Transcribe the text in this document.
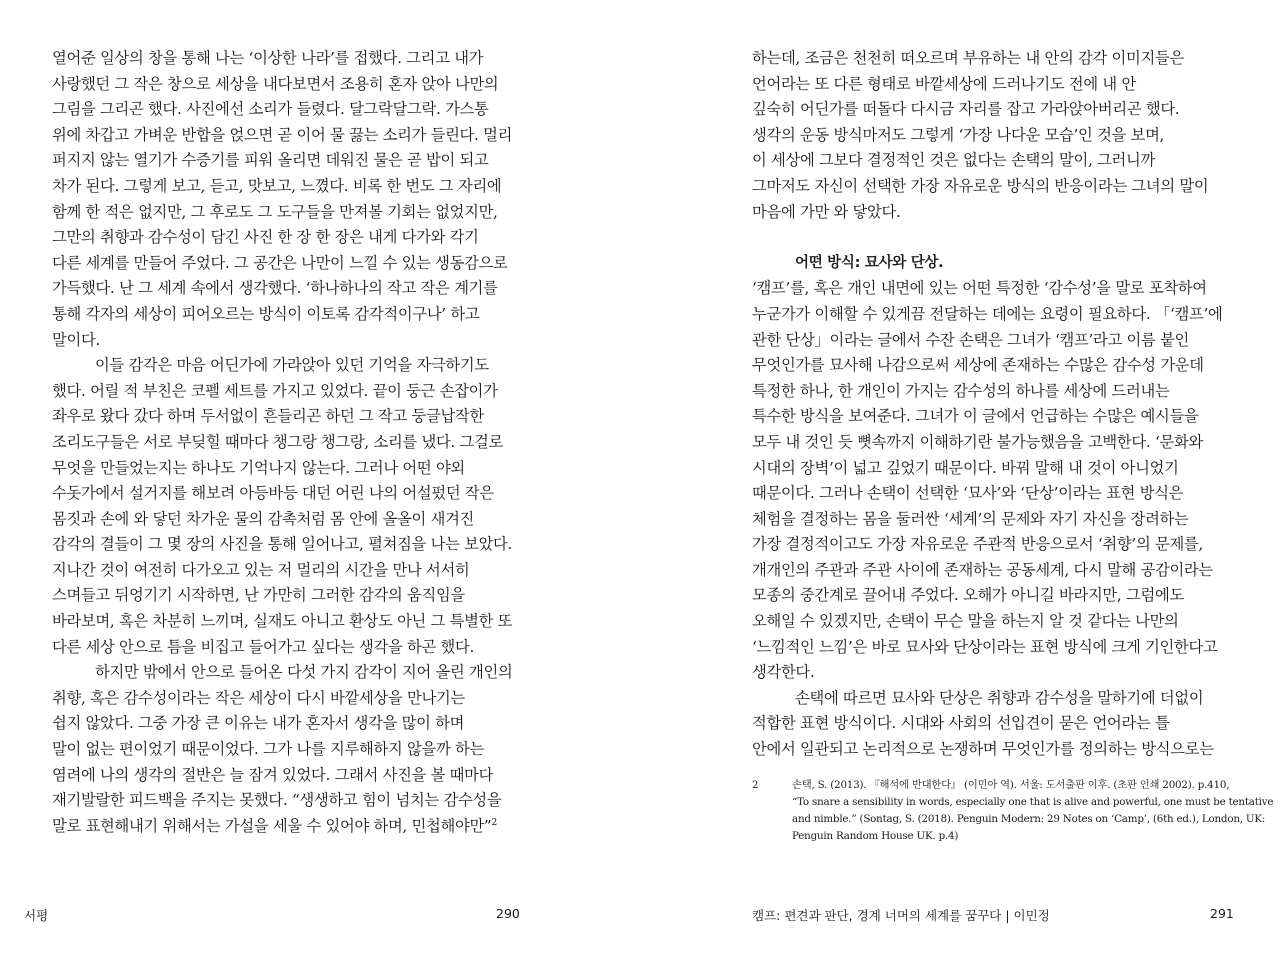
열어준 일상의 창을 통해 나는 ‘이상한 나라’를 접했다. 그리고 내가
사랑했던 그 작은 창으로 세상을 내다보면서 조용히 혼자 앉아 나만의
그림을 그리곤 했다. 사진에선 소리가 들렸다. 달그락달그락. 가스통
위에 차갑고 가벼운 반합을 얹으면 곧 이어 물 끓는 소리가 들린다. 멀리
퍼지지 않는 열기가 수증기를 피워 올리면 데워진 물은 곧 밥이 되고
차가 된다. 그렇게 보고, 듣고, 맛보고, 느꼈다. 비록 한 번도 그 자리에
함께 한 적은 없지만, 그 후로도 그 도구들을 만져볼 기회는 없었지만,
그만의 취향과 감수성이 담긴 사진 한 장 한 장은 내게 다가와 각기
다른 세계를 만들어 주었다. 그 공간은 나만이 느낄 수 있는 생동감으로
가득했다. 난 그 세계 속에서 생각했다. ‘하나하나의 작고 작은 계기를
통해 각자의 세상이 피어오르는 방식이 이토록 감각적이구나’ 하고
말이다.
이들 감각은 마음 어딘가에 가라앉아 있던 기억을 자극하기도
했다. 어릴 적 부친은 코펠 세트를 가지고 있었다. 끝이 둥근 손잡이가
좌우로 왔다 갔다 하며 두서없이 흔들리곤 하던 그 작고 둥글납작한
조리도구들은 서로 부딪힐 때마다 챙그랑 챙그랑, 소리를 냈다. 그걸로
무엇을 만들었는지는 하나도 기억나지 않는다. 그러나 어떤 야외
수돗가에서 설거지를 해보려 아등바등 대던 어린 나의 어설펐던 작은
몸짓과 손에 와 닿던 차가운 물의 감촉처럼 몸 안에 올올이 새겨진
감각의 결들이 그 몇 장의 사진을 통해 일어나고, 펼쳐짐을 나는 보았다.
지나간 것이 여전히 다가오고 있는 저 멀리의 시간을 만나 서서히
스며들고 뒤엉기기 시작하면, 난 가만히 그러한 감각의 움직임을
바라보며, 혹은 차분히 느끼며, 실재도 아니고 환상도 아닌 그 특별한 또
다른 세상 안으로 틈을 비집고 들어가고 싶다는 생각을 하곤 했다.
하지만 밖에서 안으로 들어온 다섯 가지 감각이 지어 올린 개인의
취향, 혹은 감수성이라는 작은 세상이 다시 바깥세상을 만나기는
쉽지 않았다. 그중 가장 큰 이유는 내가 혼자서 생각을 많이 하며
말이 없는 편이었기 때문이었다. 그가 나를 지루해하지 않을까 하는
염려에 나의 생각의 절반은 늘 잠겨 있었다. 그래서 사진을 볼 때마다
재기발랄한 피드백을 주지는 못했다. “생생하고 힘이 넘치는 감수성을
말로 표현해내기 위해서는 가설을 세울 수 있어야 하며, 민첩해야만”$^2$
서평	290
하는데, 조금은 천천히 떠오르며 부유하는 내 안의 감각 이미지들은
언어라는 또 다른 형태로 바깥세상에 드러나기도 전에 내 안
깊숙히 어딘가를 떠돌다 다시금 자리를 잡고 가라앉아버리곤 했다.
생각의 운동 방식마저도 그렇게 ‘가장 나다운 모습’인 것을 보며,
이 세상에 그보다 결정적인 것은 없다는 손택의 말이, 그러니까
그마저도 자신이 선택한 가장 자유로운 방식의 반응이라는 그녀의 말이
마음에 가만 와 닿았다.
어떤 방식: 묘사와 단상.
‘캠프’를, 혹은 개인 내면에 있는 어떤 특정한 ‘감수성’을 말로 포착하여
누군가가 이해할 수 있게끔 전달하는 데에는 요령이 필요하다. 「‘캠프’에
관한 단상」이라는 글에서 수잔 손택은 그녀가 ‘캠프’라고 이름 붙인
무엇인가를 묘사해 나감으로써 세상에 존재하는 수많은 감수성 가운데
특정한 하나, 한 개인이 가지는 감수성의 하나를 세상에 드러내는
특수한 방식을 보여준다. 그녀가 이 글에서 언급하는 수많은 예시들을
모두 내 것인 듯 뼛속까지 이해하기란 불가능했음을 고백한다. ‘문화와
시대의 장벽’이 넓고 깊었기 때문이다. 바꿔 말해 내 것이 아니었기
때문이다. 그러나 손택이 선택한 ‘묘사’와 ‘단상’이라는 표현 방식은
체험을 결정하는 몸을 둘러싼 ‘세계’의 문제와 자기 자신을 장려하는
가장 결정적이고도 가장 자유로운 주관적 반응으로서 ‘취향’의 문제를,
개개인의 주관과 주관 사이에 존재하는 공동세계, 다시 말해 공감이라는
모종의 중간계로 끌어내 주었다. 오해가 아니길 바라지만, 그럼에도
오해일 수 있겠지만, 손택이 무슨 말을 하는지 알 것 같다는 나만의
‘느낌적인 느낌’은 바로 묘사와 단상이라는 표현 방식에 크게 기인한다고
생각한다.
손택에 따르면 묘사와 단상은 취향과 감수성을 말하기에 더없이
적합한 표현 방식이다. 시대와 사회의 선입견이 묻은 언어라는 틀
안에서 일관되고 논리적으로 논쟁하며 무엇인가를 정의하는 방식으로는
2	손택, S. (2013). 『해석에 반대한다』 (이민아 역). 서울: 도서출판 이후. (초판 인쇄 2002). p.410,
“To snare a sensibility in words, especially one that is alive and powerful, one must be tentative
and nimble.” (Sontag, S. (2018). Penguin Modern: 29 Notes on ‘Camp’, (6th ed.), London, UK:
Penguin Random House UK. p.4)
캠프: 편견과 판단, 경계 너머의 세계를 꿈꾸다 | 이민정	291
